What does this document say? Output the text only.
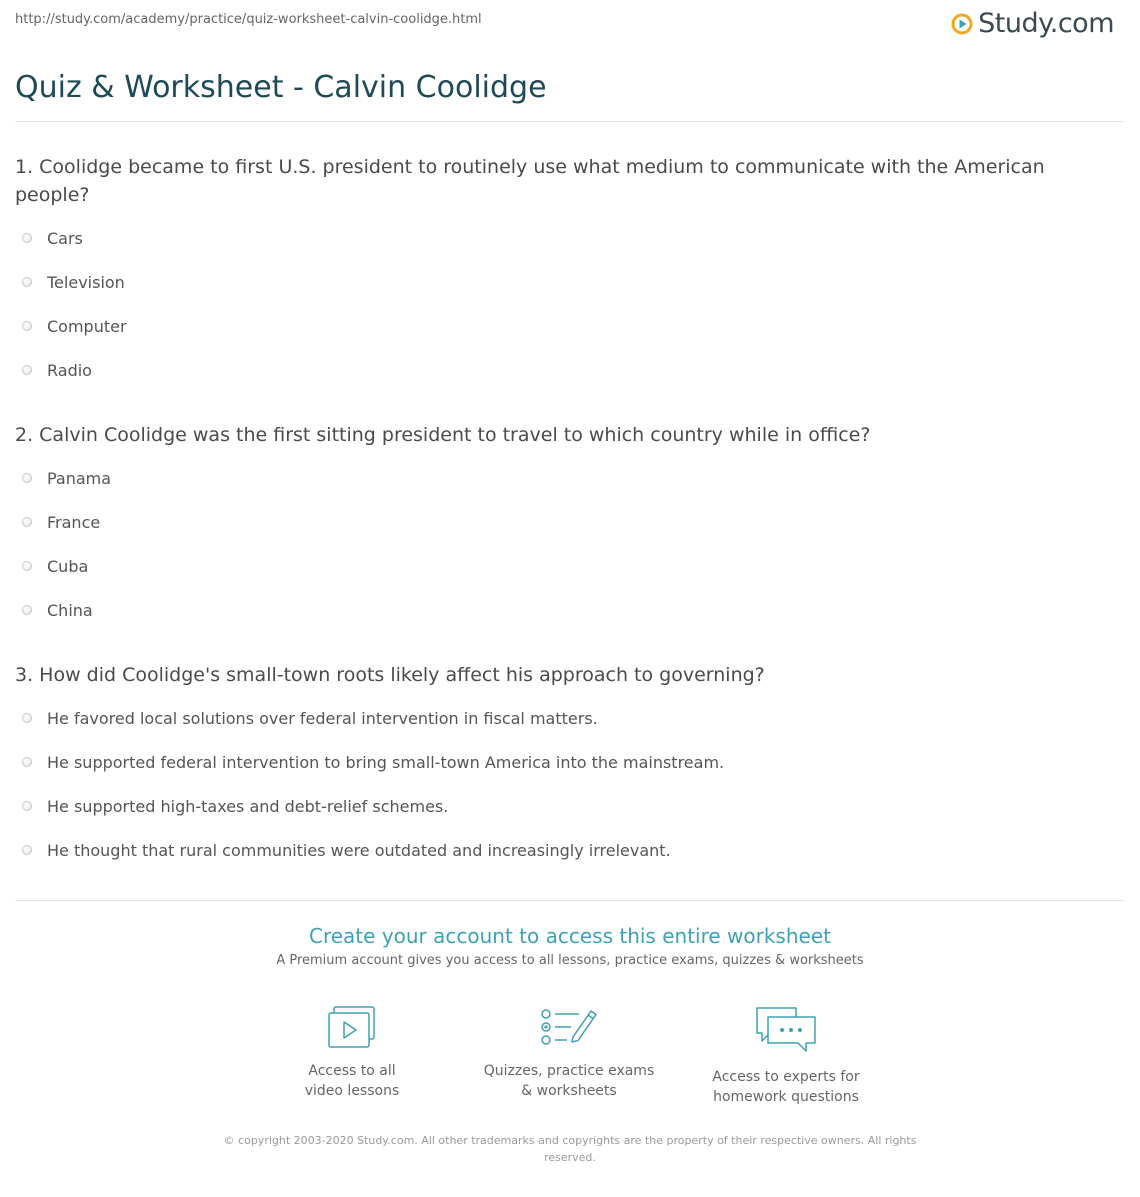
http://study.com/academy/practice/quiz-worksheet-calvin-coolidge.html	Study.com
Quiz & Worksheet - Calvin Coolidge
1. Coolidge became to first U.S. president to routinely use what medium to communicate with the American people?
Cars
Television
Computer
Radio
2. Calvin Coolidge was the first sitting president to travel to which country while in office?
Panama
France
Cuba
China
3. How did Coolidge's small-town roots likely affect his approach to governing?
He favored local solutions over federal intervention in fiscal matters.
He supported federal intervention to bring small-town America into the mainstream.
He supported high-taxes and debt-relief schemes.
He thought that rural communities were outdated and increasingly irrelevant.
Create your account to access this entire worksheet
A Premium account gives you access to all lessons, practice exams, quizzes & worksheets
Access to all
video lessons
Quizzes, practice exams
& worksheets
Access to experts for
homework questions
© copyright 2003-2020 Study.com. All other trademarks and copyrights are the property of their respective owners. All rights reserved.
